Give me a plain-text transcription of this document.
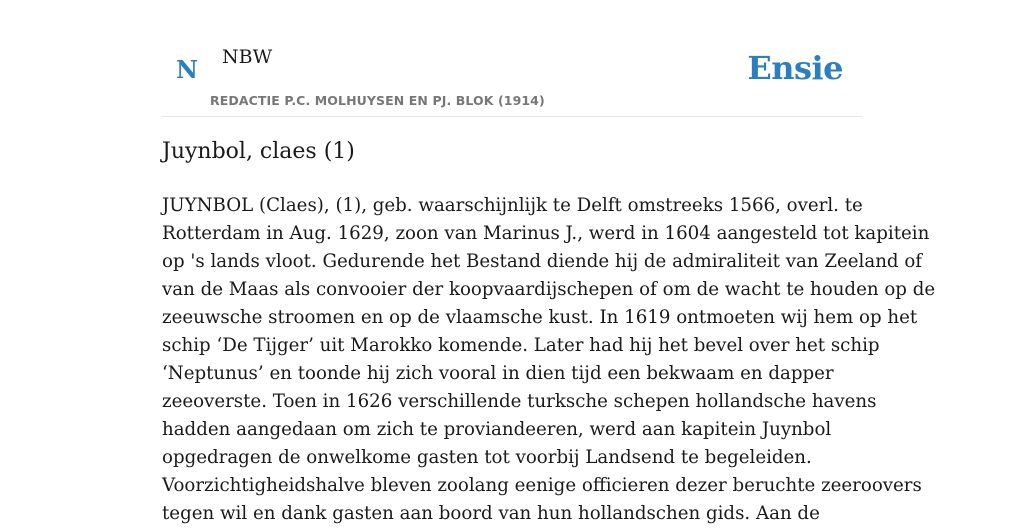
N NBW
REDACTIE P.C. MOLHUYSEN EN PJ. BLOK (1914)
Ensie
Juynbol, claes (1)

JUYNBOL (Claes), (1), geb. waarschijnlijk te Delft omstreeks 1566, overl. te
Rotterdam in Aug. 1629, zoon van Marinus J., werd in 1604 aangesteld tot kapitein
op 's lands vloot. Gedurende het Bestand diende hij de admiraliteit van Zeeland of
van de Maas als convooier der koopvaardijschepen of om de wacht te houden op de
zeeuwsche stroomen en op de vlaamsche kust. In 1619 ontmoeten wij hem op het
schip ‘De Tijger’ uit Marokko komende. Later had hij het bevel over het schip
‘Neptunus’ en toonde hij zich vooral in dien tijd een bekwaam en dapper
zeeoverste. Toen in 1626 verschillende turksche schepen hollandsche havens
hadden aangedaan om zich te proviandeeren, werd aan kapitein Juynbol
opgedragen de onwelkome gasten tot voorbij Landsend te begeleiden.
Voorzichtigheidshalve bleven zoolang eenige officieren dezer beruchte zeeroovers
tegen wil en dank gasten aan boord van hun hollandschen gids. Aan de
